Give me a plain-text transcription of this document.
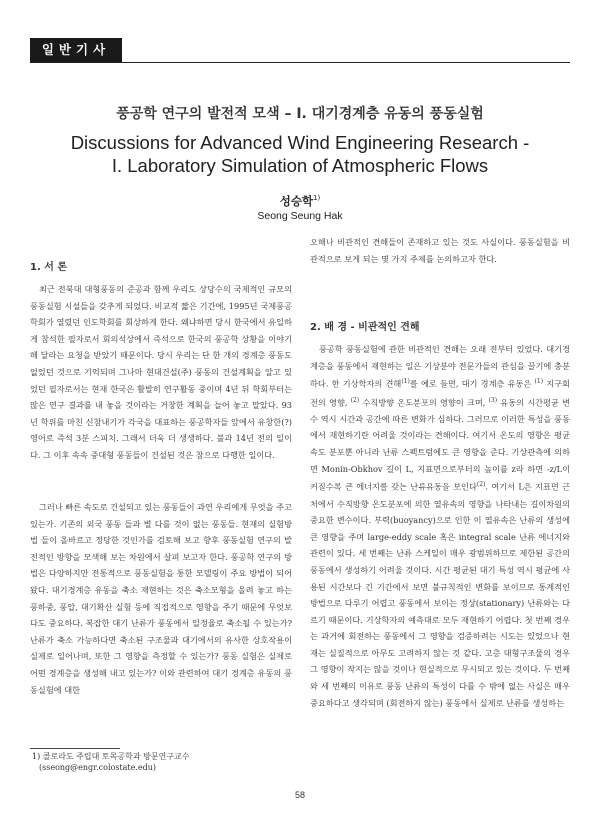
일반기사
풍공학 연구의 발전적 모색 – I. 대기경계층 유동의 풍동실험
Discussions for Advanced Wind Engineering Research -
I. Laboratory Simulation of Atmospheric Flows
성승학$^{1)}$
Seong Seung Hak
1. 서 론

최근 전북대 대형풍동의 준공과 함께 우리도 상당수의 국제적인 규모의 풍동실험 시설들을 갖추게 되었다. 비교적 짧은 기간에, 1995년 국제풍공학회가 열렸던 인도학회를 회상하게 한다. 왜냐하면 당시 한국에서 유일하게 참석한 필자로서 회의석상에서 즉석으로 한국의 풍공학 상황을 이야기해 달라는 요청을 받았기 때문이다. 당시 우리는 단 한 개의 경계층 풍동도 없었던 것으로 기억되며 그나마 현대건설(주) 풍동의 건설계획을 알고 있었던 필자로서는 현재 한국은 활발히 연구활동 중이며 4년 뒤 학회부터는 많은 연구 결과를 내 놓을 것이라는 거창한 계획을 늘어 놓고 말았다. 93년 학위를 마친 신참내기가 각국을 대표하는 풍공학자들 앞에서 유창한(?) 영어로 즉석 3분 스피치. 그래서 더욱 더 생생하다. 불과 14년 전의 일이다. 그 이후 속속 중대형 풍동들이 건설된 것은 참으로 다행한 일이다.

그러나 빠른 속도로 건설되고 있는 풍동들이 과연 우리에게 무엇을 주고 있는가. 기존의 외국 풍동 들과 별 다를 것이 없는 풍동들. 현재의 실험방법 들이 올바르고 정당한 것인가를 검토해 보고 향후 풍동실험 연구의 발전적인 방향을 모색해 보는 차원에서 살펴 보고자 한다. 풍공학 연구의 방법은 다양하지만 전통적으로 풍동실험을 통한 모델링이 주요 방법이 되어 왔다. 대기경계층 유동을 축소 재현하는 것은 축소모형을 올려 놓고 하는 풍하중, 풍압, 대기확산 실험 등에 직접적으로 영향을 주기 때문에 무엇보다도 중요하다. 복잡한 대기 난류가 풍동에서 일정율로 축소될 수 있는가? 난류가 축소 가능하다면 축소된 구조물과 대기에서의 유사한 상호작용이 실제로 일어나며, 또한 그 영향을 측정할 수 있는가? 풍동 실험은 실제로 어떤 경계층을 생성해 내고 있는가? 이와 관련하여 대기 경계층 유동의 풍동실험에 대한

1) 콜로라도 주립대 토목공학과 방문연구교수
(sseong@engr.colostate.edu)

오해나 비관적인 견해들이 존재하고 있는 것도 사실이다. 풍동실험을 비관적으로 보게 되는 몇 가지 주제를 논의하고자 한다.

2. 배 경 - 비관적인 견해

풍공학 풍동실험에 관한 비관적인 견해는 오래 전부터 있었다. 대기경계층을 풍동에서 재현하는 일은 기상분야 전문가들의 관심을 끌기에 충분하다. 한 기상학자의 견해$^{(1)}$를 예로 들면, 대기 경계층 유동은 $^{(1)}$ 지구회전의 영향, $^{(2)}$ 수직방향 온도분포의 영향이 크며, $^{(3)}$ 유동의 시간평균 변수 역시 시간과 공간에 따른 변화가 심하다. 그러므로 이러한 특성을 풍동에서 재현하기란 어려울 것이라는 견해이다. 여기서 온도의 영향은 평균속도 분포뿐 아니라 난류 스펙트럼에도 큰 영향을 준다. 기상관측에 의하면 Monin-Obkhov 길이 L, 지표면으로부터의 높이를 z라 하면 -z/L이 커질수록 큰 에너지를 갖는 난류유동을 보인다$^{(2)}$. 여기서 L은 지표면 근처에서 수직방향 온도분포에 의한 열유속의 영향을 나타내는 길이차원의 중요한 변수이다. 부력(buoyancy)으로 인한 이 열유속은 난류의 생성에 큰 영향을 주며 large-eddy scale 혹은 integral scale 난류 에너지와 관련이 있다. 세 번째는 난류 스케일이 매우 광범위하므로 제한된 공간의 풍동에서 생성하기 어려울 것이다. 시간 평균된 대기 특성 역시 평균에 사용된 시간보다 긴 기간에서 보면 불규칙적인 변화를 보이므로 통계적인 방법으로 다루기 어렵고 풍동에서 보이는 정상(stationary) 난류와는 다르기 때문이다. 기상학자의 예측대로 모두 재현하기 어렵다. 첫 번째 경우는 과거에 회전하는 풍동에서 그 영향을 검증하려는 시도는 있었으나 현재는 실질적으로 아무도 고려하지 않는 것 같다. 고층 대형구조물의 경우 그 영향이 작지는 않을 것이나 현실적으로 무시되고 있는 것이다. 두 번째와 세 번째의 이유로 풍동 난류의 특성이 다를 수 밖에 없는 사실은 매우 중요하다고 생각되며 (회전하지 않는) 풍동에서 실제로 난류를 생성하는

58
